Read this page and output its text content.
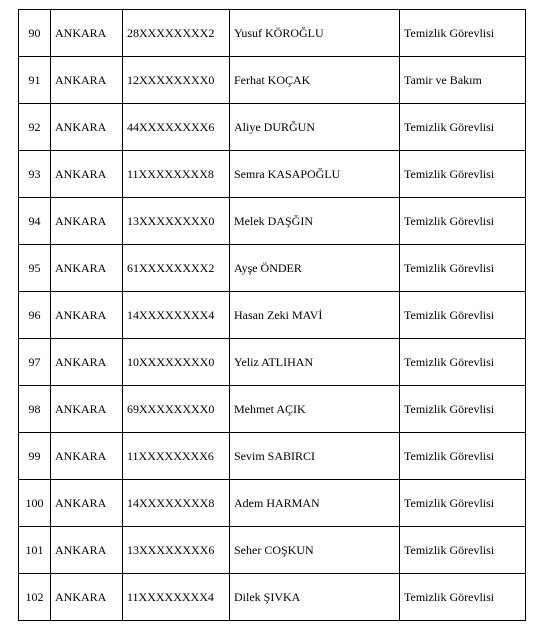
90	ANKARA	28XXXXXXXX2	Yusuf KÖROĞLU	Temizlik Görevlisi
91	ANKARA	12XXXXXXXX0	Ferhat KOÇAK	Tamir ve Bakım
92	ANKARA	44XXXXXXXX6	Aliye DURĞUN	Temizlik Görevlisi
93	ANKARA	11XXXXXXXX8	Semra KASAPOĞLU	Temizlik Görevlisi
94	ANKARA	13XXXXXXXX0	Melek DAŞĞIN	Temizlik Görevlisi
95	ANKARA	61XXXXXXXX2	Ayşe ÖNDER	Temizlik Görevlisi
96	ANKARA	14XXXXXXXX4	Hasan Zeki MAVİ	Temizlik Görevlisi
97	ANKARA	10XXXXXXXX0	Yeliz ATLIHAN	Temizlik Görevlisi
98	ANKARA	69XXXXXXXX0	Mehmet AÇIK	Temizlik Görevlisi
99	ANKARA	11XXXXXXXX6	Sevim SABIRCI	Temizlik Görevlisi
100	ANKARA	14XXXXXXXX8	Adem HARMAN	Temizlik Görevlisi
101	ANKARA	13XXXXXXXX6	Seher COŞKUN	Temizlik Görevlisi
102	ANKARA	11XXXXXXXX4	Dilek ŞIVKA	Temizlik Görevlisi
